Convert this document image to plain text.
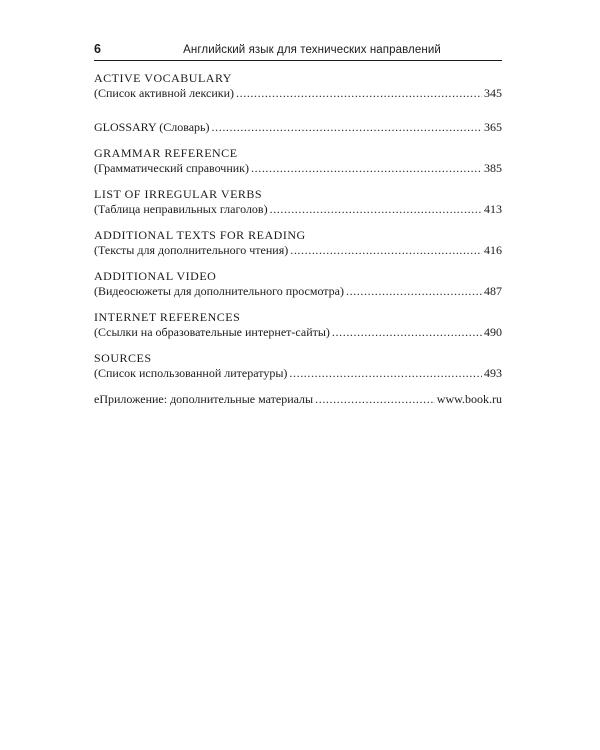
6	Английский язык для технических направлений
ACTIVE VOCABULARY
(Список активной лексики) .....	345
GLOSSARY (Словарь) .....	365
GRAMMAR REFERENCE
(Грамматический справочник) .....	385
LIST OF IRREGULAR VERBS
(Таблица неправильных глаголов) .....	413
ADDITIONAL TEXTS FOR READING
(Тексты для дополнительного чтения) .....	416
ADDITIONAL VIDEO
(Видеосюжеты для дополнительного просмотра) .....	487
INTERNET REFERENCES
(Ссылки на образовательные интернет-сайты) .....	490
SOURCES
(Список использованной литературы) .....	493
еПриложение: дополнительные материалы .....	www.book.ru
